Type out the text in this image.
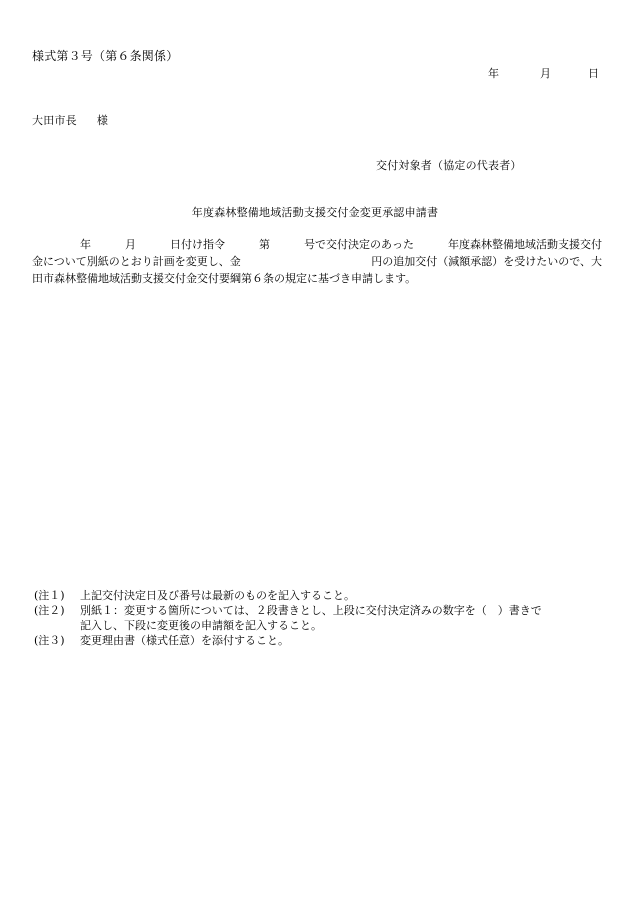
様式第３号（第６条関係）
年	月	日
大田市長 様
交付対象者（協定の代表者）
年度森林整備地域活動支援交付金変更承認申請書
年	月	日付け指令	第	号で交付決定のあった	年度森林整備地域活動支援交付
金について別紙のとおり計画を変更し、金	円の追加交付（減額承認）を受けたいので、大
田市森林整備地域活動支援交付金交付要綱第６条の規定に基づき申請します。
(注１)	上記交付決定日及び番号は最新のものを記入すること。
(注２)	別紙１：変更する箇所については、２段書きとし、上段に交付決定済みの数字を（　）書きで
記入し、下段に変更後の申請額を記入すること。
(注３)	変更理由書（様式任意）を添付すること。
